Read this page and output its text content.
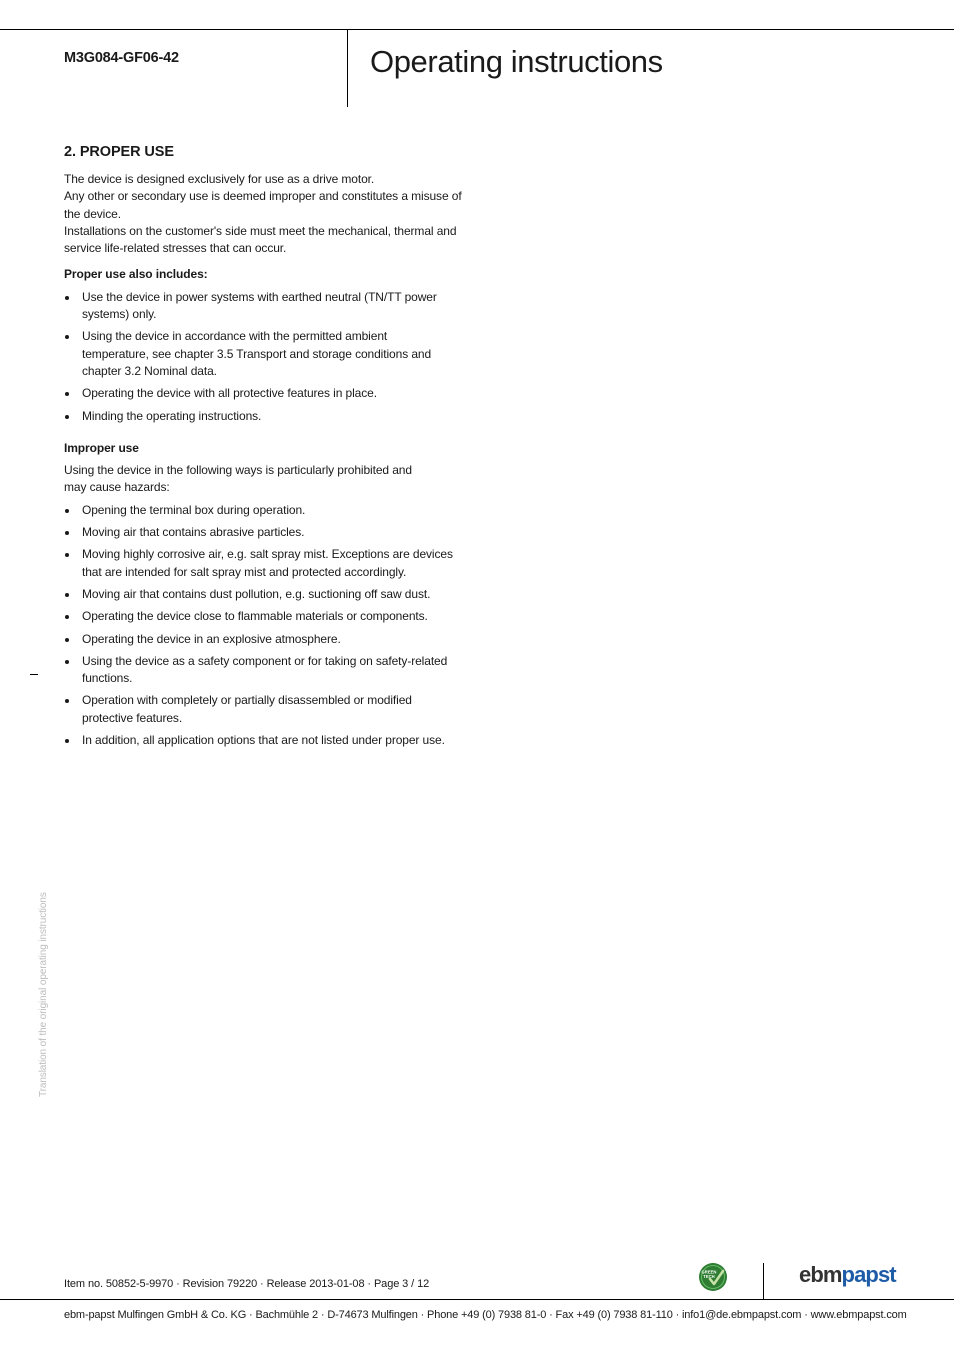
M3G084-GF06-42	Operating instructions
2. PROPER USE

The device is designed exclusively for use as a drive motor.

Any other or secondary use is deemed improper and constitutes a misuse of the device.

Installations on the customer's side must meet the mechanical, thermal and service life-related stresses that can occur.

Proper use also includes:
Use the device in power systems with earthed neutral (TN/TT power systems) only.
Using the device in accordance with the permitted ambient temperature, see chapter 3.5 Transport and storage conditions and chapter 3.2 Nominal data.
Operating the device with all protective features in place.
Minding the operating instructions.
Improper use

Using the device in the following ways is particularly prohibited and may cause hazards:

Opening the terminal box during operation.
Moving air that contains abrasive particles.
Moving highly corrosive air, e.g. salt spray mist. Exceptions are devices that are intended for salt spray mist and protected accordingly.
Moving air that contains dust pollution, e.g. suctioning off saw dust.
Operating the device close to flammable materials or components.
Operating the device in an explosive atmosphere.
Using the device as a safety component or for taking on safety-related functions.
Operation with completely or partially disassembled or modified protective features.
In addition, all application options that are not listed under proper use.
Translation of the original operating instructions
Item no. 50852-5-9970 · Revision 79220 · Release 2013-01-08 · Page 3 / 12
GREEN
TECH	ebmpapst
ebm-papst Mulfingen GmbH & Co. KG · Bachmühle 2 · D-74673 Mulfingen · Phone +49 (0) 7938 81-0 · Fax +49 (0) 7938 81-110 · info1@de.ebmpapst.com · www.ebmpapst.com
